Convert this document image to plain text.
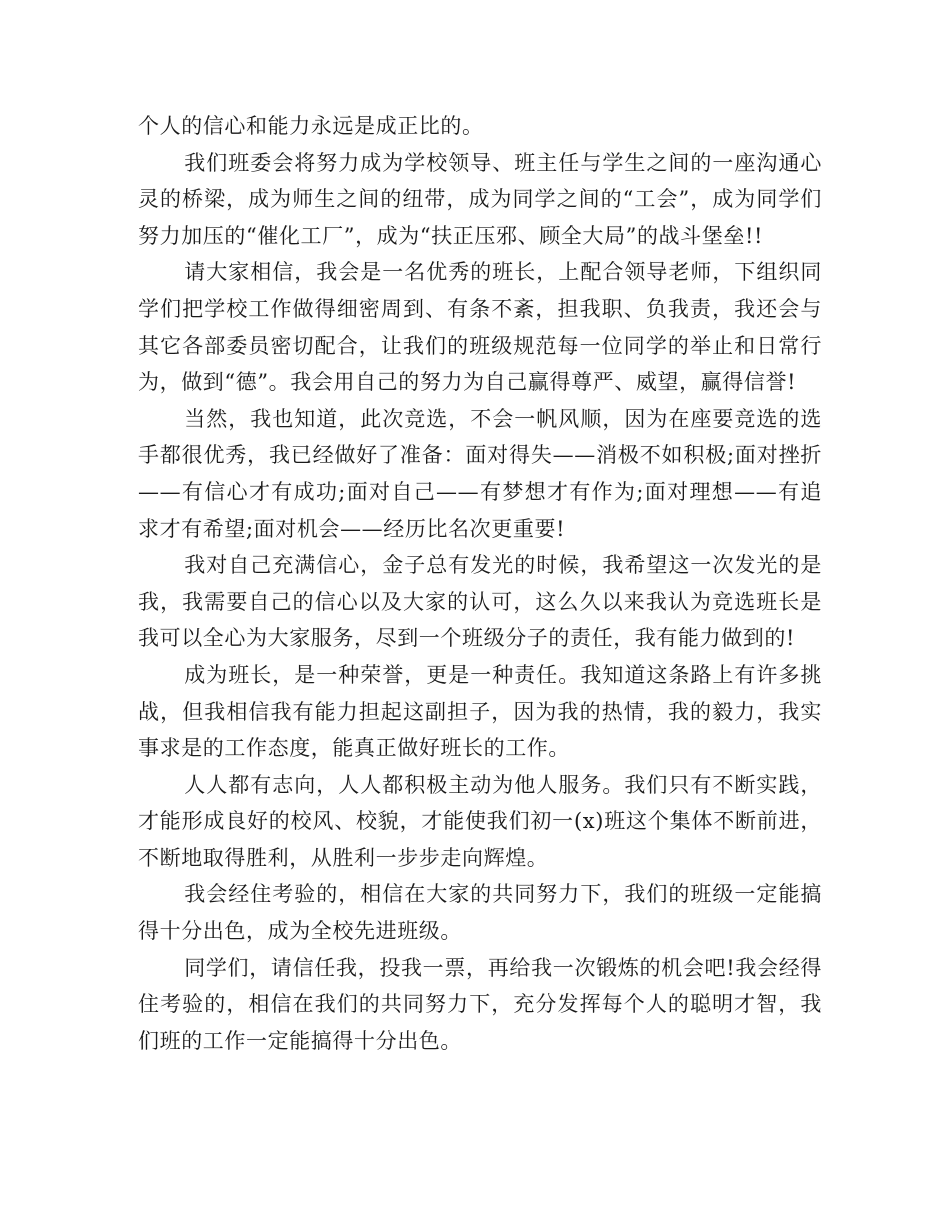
个人的信心和能力永远是成正比的。

我们班委会将努力成为学校领导、班主任与学生之间的一座沟通心灵的桥梁，成为师生之间的纽带，成为同学之间的“工会”，成为同学们努力加压的“催化工厂”，成为“扶正压邪、顾全大局”的战斗堡垒!!

请大家相信，我会是一名优秀的班长，上配合领导老师，下组织同学们把学校工作做得细密周到、有条不紊，担我职、负我责，我还会与其它各部委员密切配合，让我们的班级规范每一位同学的举止和日常行为，做到“德”。我会用自己的努力为自己赢得尊严、威望，赢得信誉!

当然，我也知道，此次竞选，不会一帆风顺，因为在座要竞选的选手都很优秀，我已经做好了准备：面对得失——消极不如积极;面对挫折——有信心才有成功;面对自己——有梦想才有作为;面对理想——有追求才有希望;面对机会——经历比名次更重要!

我对自己充满信心，金子总有发光的时候，我希望这一次发光的是我，我需要自己的信心以及大家的认可，这么久以来我认为竞选班长是我可以全心为大家服务，尽到一个班级分子的责任，我有能力做到的!

成为班长，是一种荣誉，更是一种责任。我知道这条路上有许多挑战，但我相信我有能力担起这副担子，因为我的热情，我的毅力，我实事求是的工作态度，能真正做好班长的工作。

人人都有志向，人人都积极主动为他人服务。我们只有不断实践，才能形成良好的校风、校貌，才能使我们初一(x)班这个集体不断前进，不断地取得胜利，从胜利一步步走向辉煌。

我会经住考验的，相信在大家的共同努力下，我们的班级一定能搞得十分出色，成为全校先进班级。

同学们，请信任我，投我一票，再给我一次锻炼的机会吧!我会经得住考验的，相信在我们的共同努力下，充分发挥每个人的聪明才智，我们班的工作一定能搞得十分出色。
